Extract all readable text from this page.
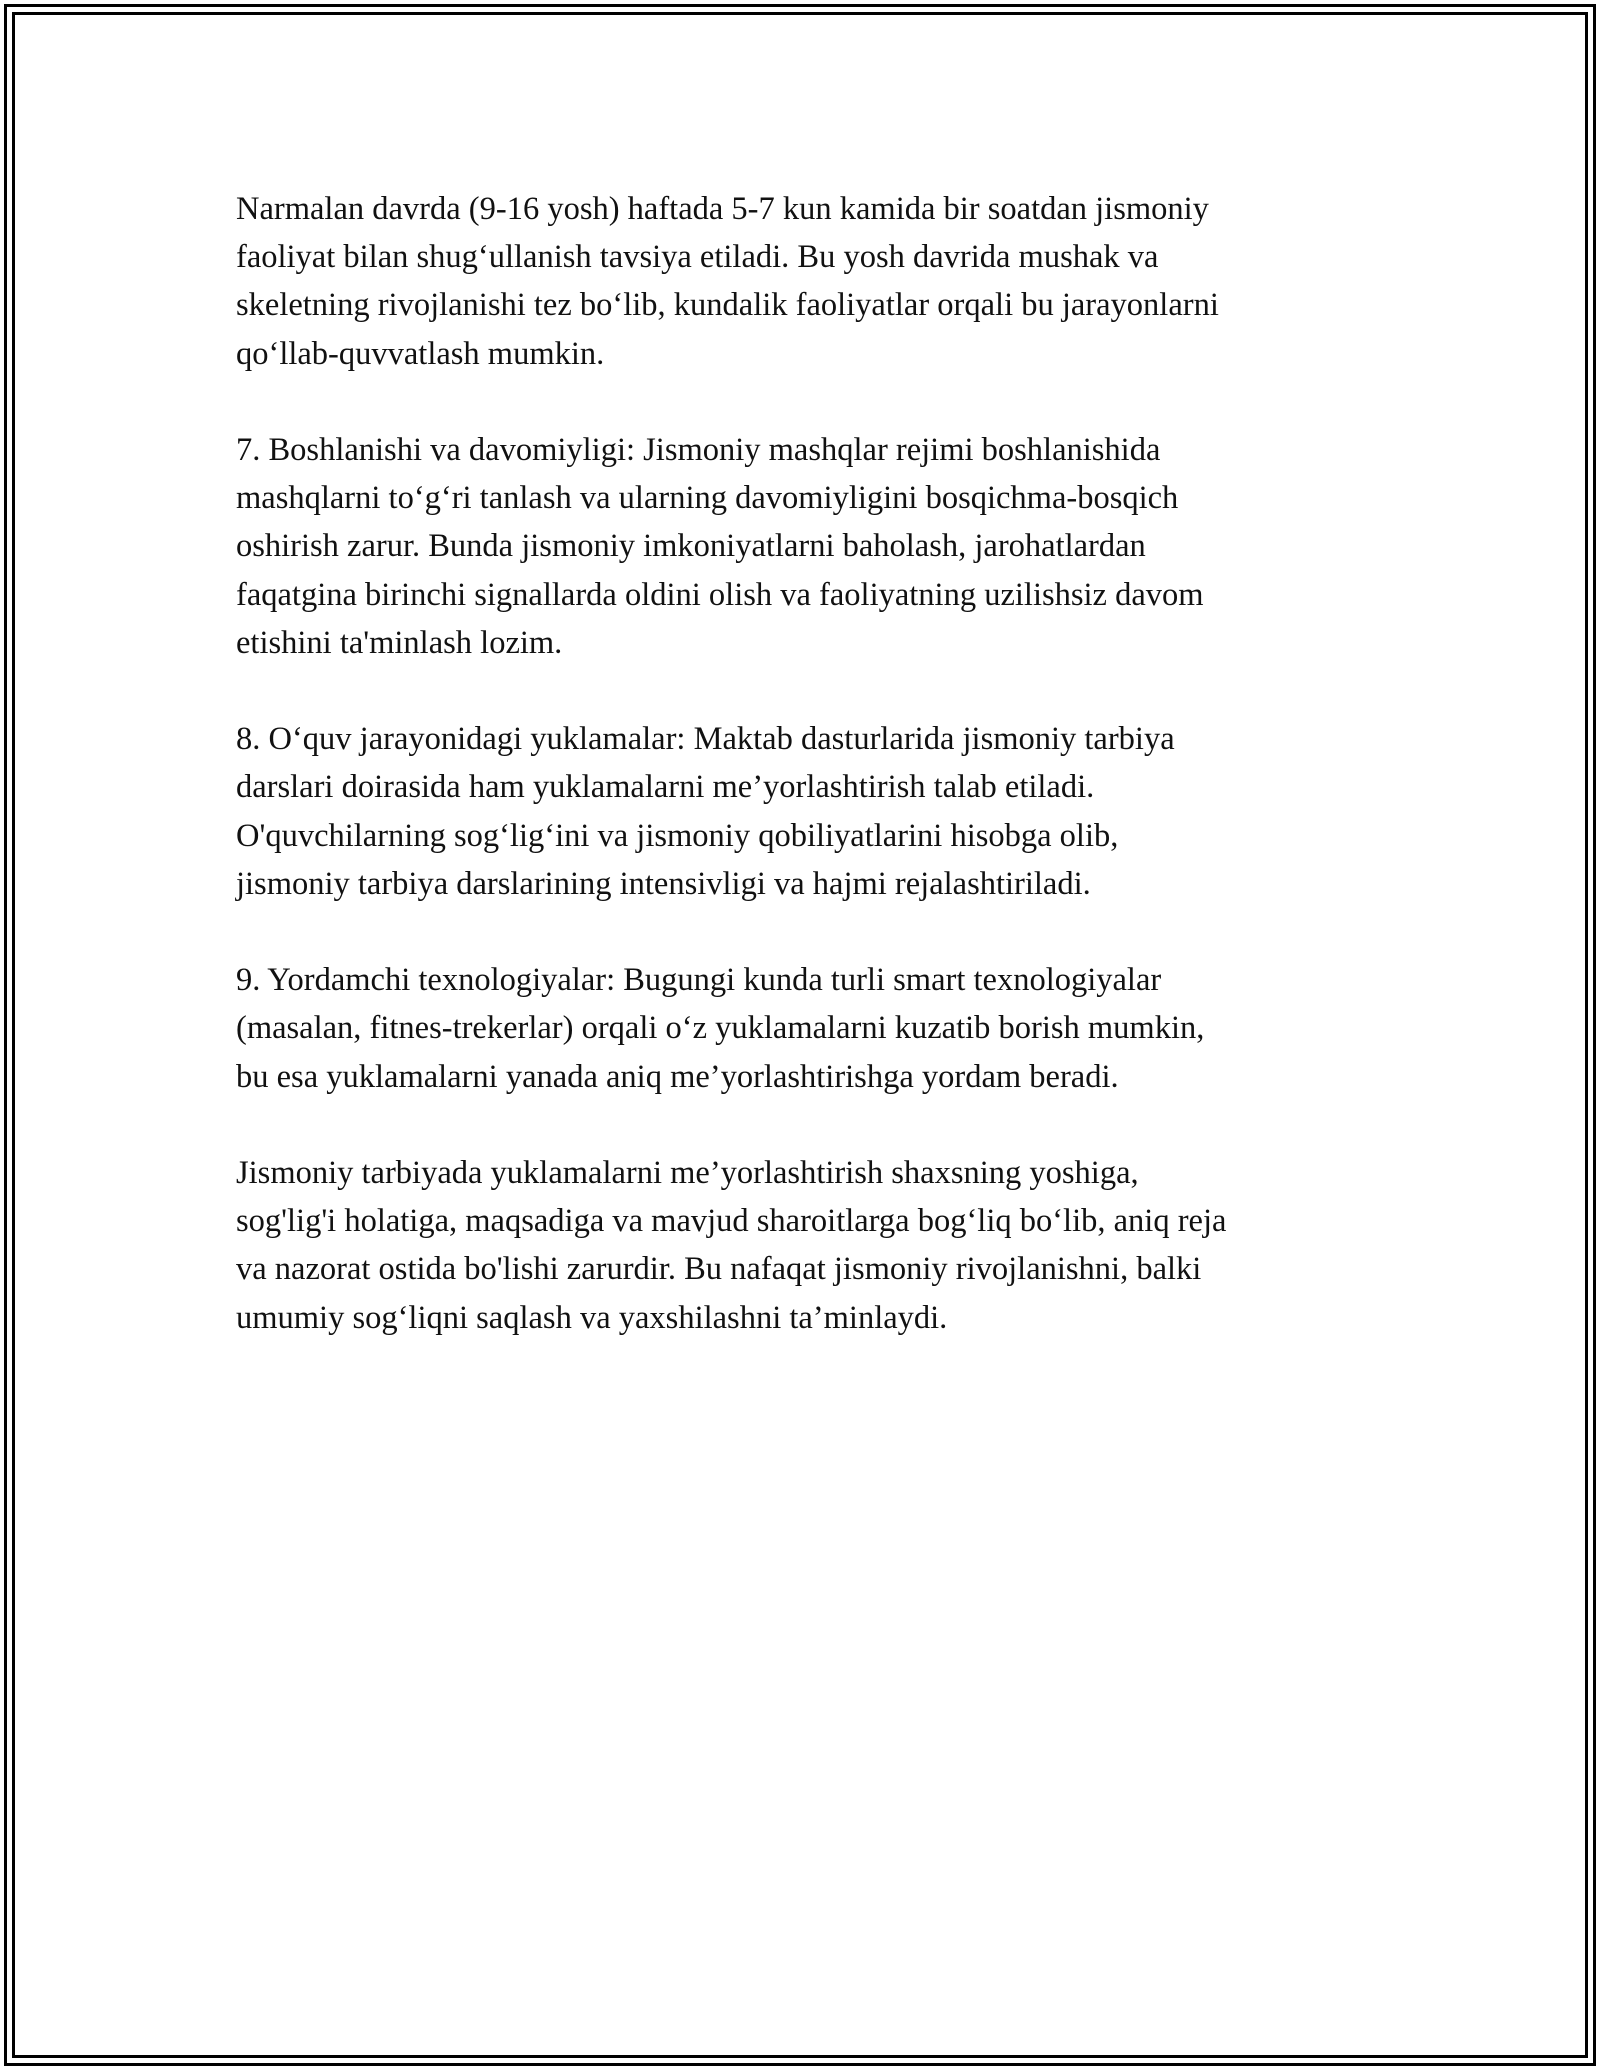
Narmalan davrda (9-16 yosh) haftada 5-7 kun kamida bir soatdan jismoniy
faoliyat bilan shug‘ullanish tavsiya etiladi. Bu yosh davrida mushak va
skeletning rivojlanishi tez bo‘lib, kundalik faoliyatlar orqali bu jarayonlarni
qo‘llab-quvvatlash mumkin.

7. Boshlanishi va davomiyligi: Jismoniy mashqlar rejimi boshlanishida
mashqlarni to‘g‘ri tanlash va ularning davomiyligini bosqichma-bosqich
oshirish zarur. Bunda jismoniy imkoniyatlarni baholash, jarohatlardan
faqatgina birinchi signallarda oldini olish va faoliyatning uzilishsiz davom
etishini ta'minlash lozim.

8. O‘quv jarayonidagi yuklamalar: Maktab dasturlarida jismoniy tarbiya
darslari doirasida ham yuklamalarni me’yorlashtirish talab etiladi.
O'quvchilarning sog‘lig‘ini va jismoniy qobiliyatlarini hisobga olib,
jismoniy tarbiya darslarining intensivligi va hajmi rejalashtiriladi.

9. Yordamchi texnologiyalar: Bugungi kunda turli smart texnologiyalar
(masalan, fitnes-trekerlar) orqali o‘z yuklamalarni kuzatib borish mumkin,
bu esa yuklamalarni yanada aniq me’yorlashtirishga yordam beradi.

Jismoniy tarbiyada yuklamalarni me’yorlashtirish shaxsning yoshiga,
sog'lig'i holatiga, maqsadiga va mavjud sharoitlarga bog‘liq bo‘lib, aniq reja
va nazorat ostida bo'lishi zarurdir. Bu nafaqat jismoniy rivojlanishni, balki
umumiy sog‘liqni saqlash va yaxshilashni ta’minlaydi.
